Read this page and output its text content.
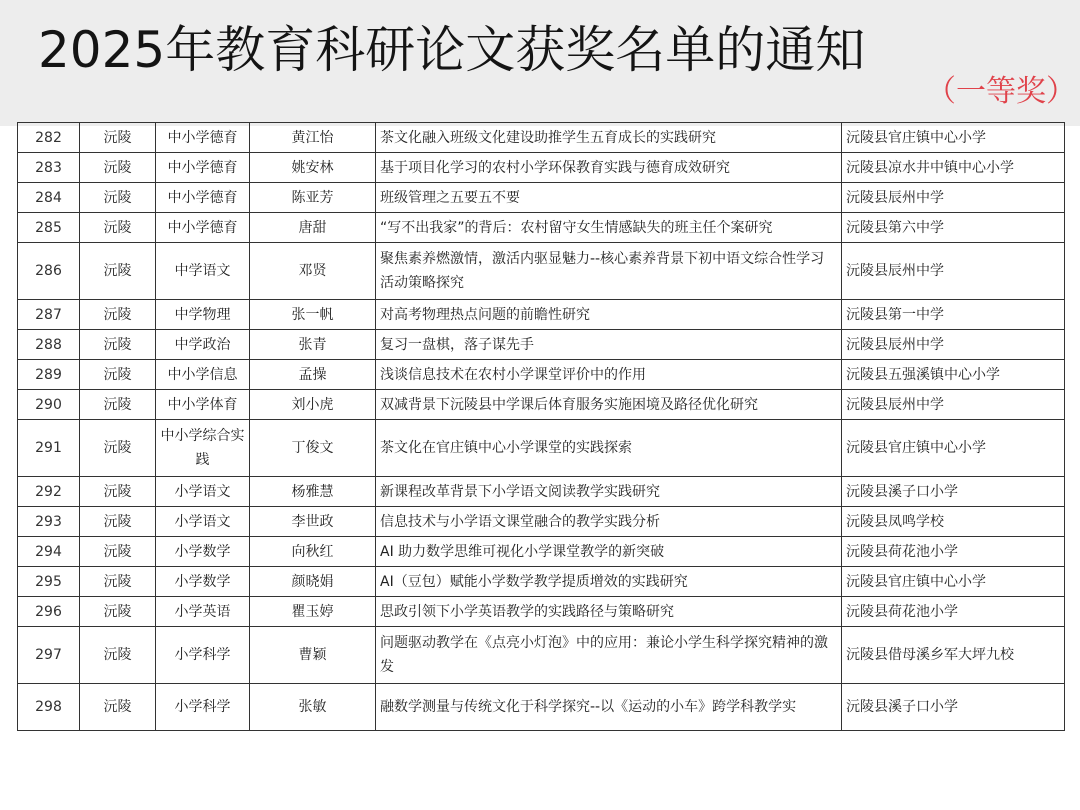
2025年教育科研论文获奖名单的通知
（一等奖）
282	沅陵	中小学德育	黄江怡	茶文化融入班级文化建设助推学生五育成长的实践研究	沅陵县官庄镇中心小学
283	沅陵	中小学德育	姚安林	基于项目化学习的农村小学环保教育实践与德育成效研究	沅陵县凉水井中镇中心小学
284	沅陵	中小学德育	陈亚芳	班级管理之五要五不要	沅陵县辰州中学
285	沅陵	中小学德育	唐甜	“写不出我家”的背后：农村留守女生情感缺失的班主任个案研究	沅陵县第六中学
286	沅陵	中学语文	邓贤	聚焦素养燃激情，激活内驱显魅力--核心素养背景下初中语文综合性学习活动策略探究	沅陵县辰州中学
287	沅陵	中学物理	张一帆	对高考物理热点问题的前瞻性研究	沅陵县第一中学
288	沅陵	中学政治	张青	复习一盘棋，落子谋先手	沅陵县辰州中学
289	沅陵	中小学信息	孟操	浅谈信息技术在农村小学课堂评价中的作用	沅陵县五强溪镇中心小学
290	沅陵	中小学体育	刘小虎	双减背景下沅陵县中学课后体育服务实施困境及路径优化研究	沅陵县辰州中学
291	沅陵	中小学综合实践	丁俊文	茶文化在官庄镇中心小学课堂的实践探索	沅陵县官庄镇中心小学
292	沅陵	小学语文	杨雅慧	新课程改革背景下小学语文阅读教学实践研究	沅陵县溪子口小学
293	沅陵	小学语文	李世政	信息技术与小学语文课堂融合的教学实践分析	沅陵县凤鸣学校
294	沅陵	小学数学	向秋红	AI 助力数学思维可视化小学课堂教学的新突破	沅陵县荷花池小学
295	沅陵	小学数学	颜晓娟	AI（豆包）赋能小学数学教学提质增效的实践研究	沅陵县官庄镇中心小学
296	沅陵	小学英语	瞿玉婷	思政引领下小学英语教学的实践路径与策略研究	沅陵县荷花池小学
297	沅陵	小学科学	曹颖	问题驱动教学在《点亮小灯泡》中的应用：兼论小学生科学探究精神的激发	沅陵县借母溪乡军大坪九校
298	沅陵	小学科学	张敏	融数学测量与传统文化于科学探究--以《运动的小车》跨学科教学实	沅陵县溪子口小学
